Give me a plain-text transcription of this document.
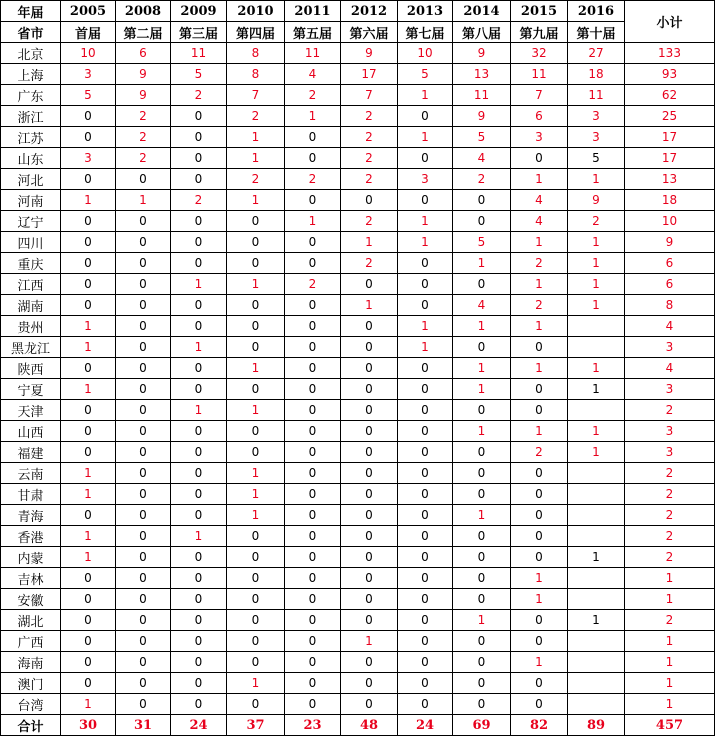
年届	2005	2008	2009	2010	2011	2012	2013	2014	2015	2016	小计
省市	首届	第二届	第三届	第四届	第五届	第六届	第七届	第八届	第九届	第十届	
北京	10	6	11	8	11	9	10	9	32	27	133
上海	3	9	5	8	4	17	5	13	11	18	93
广东	5	9	2	7	2	7	1	11	7	11	62
浙江	0	2	0	2	1	2	0	9	6	3	25
江苏	0	2	0	1	0	2	1	5	3	3	17
山东	3	2	0	1	0	2	0	4	0	5	17
河北	0	0	0	2	2	2	3	2	1	1	13
河南	1	1	2	1	0	0	0	0	4	9	18
辽宁	0	0	0	0	1	2	1	0	4	2	10
四川	0	0	0	0	0	1	1	5	1	1	9
重庆	0	0	0	0	0	2	0	1	2	1	6
江西	0	0	1	1	2	0	0	0	1	1	6
湖南	0	0	0	0	0	1	0	4	2	1	8
贵州	1	0	0	0	0	0	1	1	1		4
黑龙江	1	0	1	0	0	0	1	0	0		3
陕西	0	0	0	1	0	0	0	1	1	1	4
宁夏	1	0	0	0	0	0	0	1	0	1	3
天津	0	0	1	1	0	0	0	0	0		2
山西	0	0	0	0	0	0	0	1	1	1	3
福建	0	0	0	0	0	0	0	0	2	1	3
云南	1	0	0	1	0	0	0	0	0		2
甘肃	1	0	0	1	0	0	0	0	0		2
青海	0	0	0	1	0	0	0	1	0		2
香港	1	0	1	0	0	0	0	0	0		2
内蒙	1	0	0	0	0	0	0	0	0	1	2
吉林	0	0	0	0	0	0	0	0	1		1
安徽	0	0	0	0	0	0	0	0	1		1
湖北	0	0	0	0	0	0	0	1	0	1	2
广西	0	0	0	0	0	1	0	0	0		1
海南	0	0	0	0	0	0	0	0	1		1
澳门	0	0	0	1	0	0	0	0	0		1
台湾	1	0	0	0	0	0	0	0	0		1
合计	30	31	24	37	23	48	24	69	82	89	457
